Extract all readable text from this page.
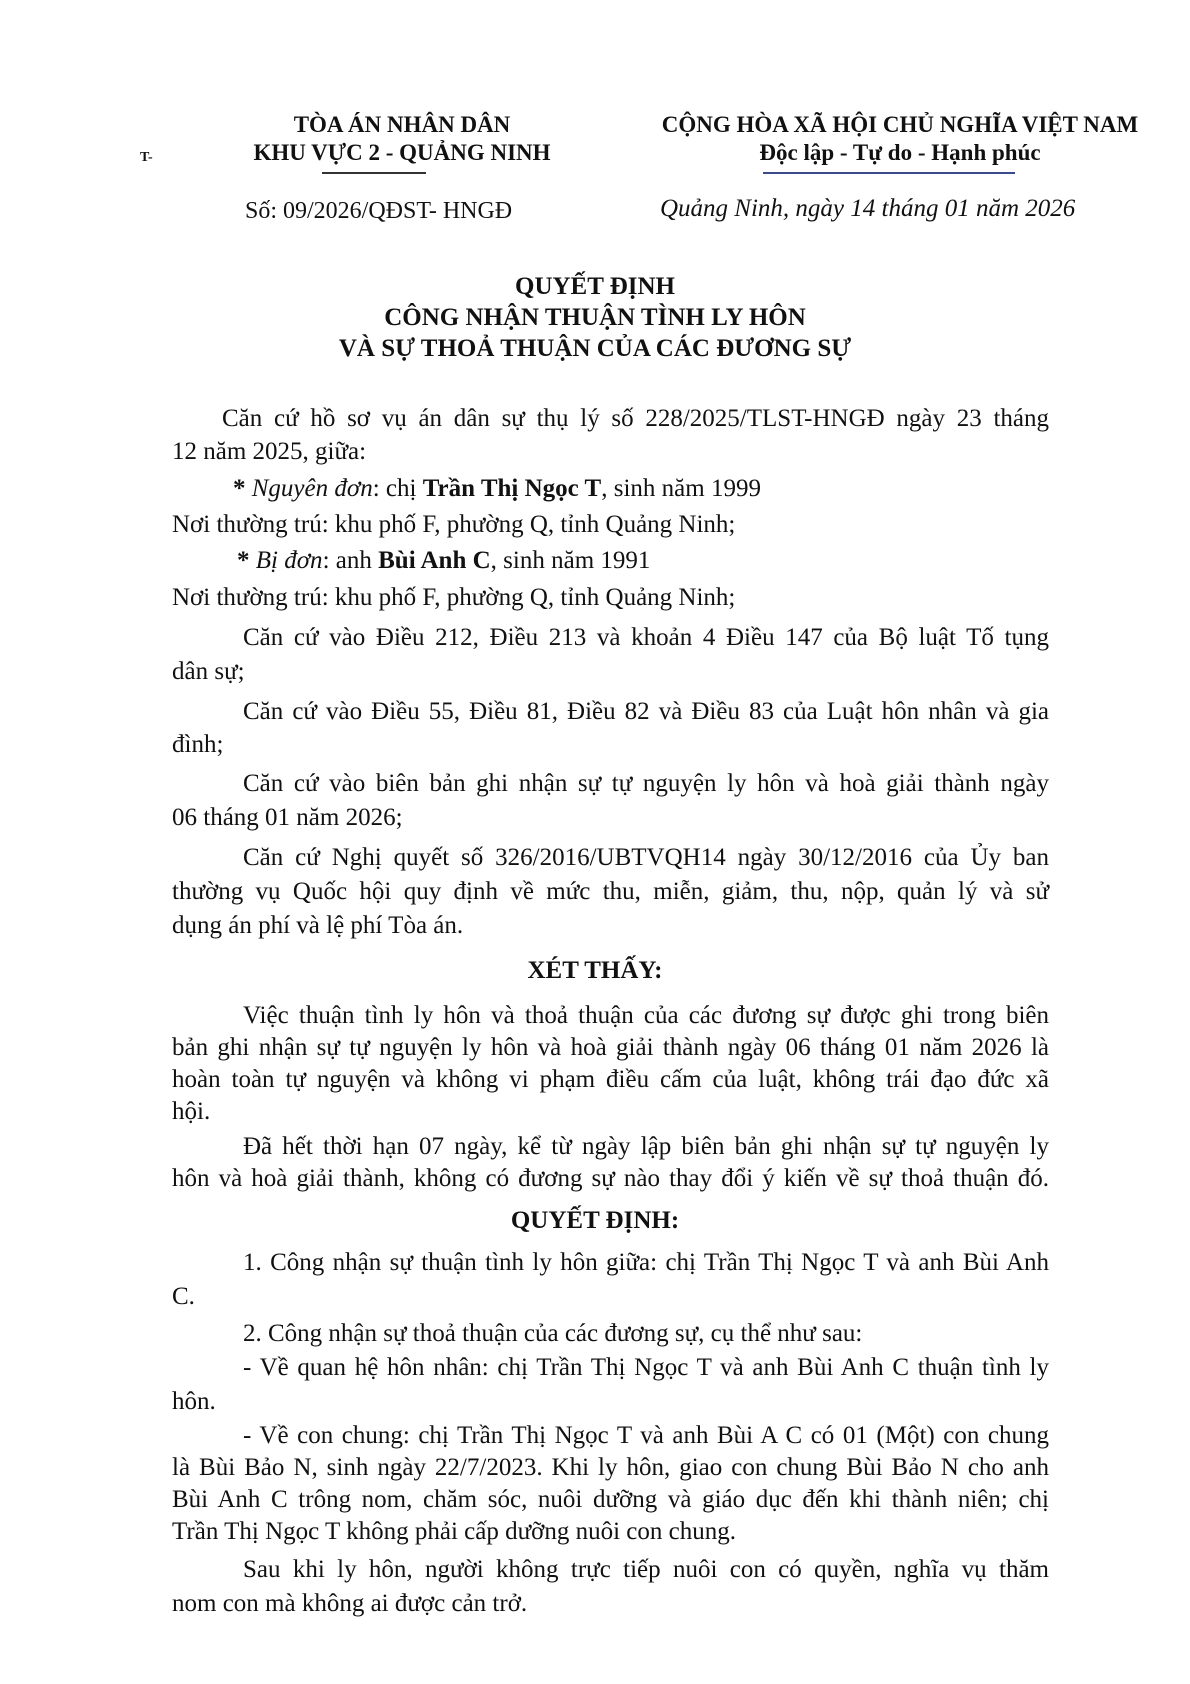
T-
TÒA ÁN NHÂN DÂN
KHU VỰC 2 - QUẢNG NINH
CỘNG HÒA XÃ HỘI CHỦ NGHĨA VIỆT NAM
Độc lập - Tự do - Hạnh phúc
Số: 09/2026/QĐST- HNGĐ	Quảng Ninh, ngày 14 tháng 01 năm 2026
QUYẾT ĐỊNH
CÔNG NHẬN THUẬN TÌNH LY HÔN
VÀ SỰ THOẢ THUẬN CỦA CÁC ĐƯƠNG SỰ
Căn cứ hồ sơ vụ án dân sự thụ lý số 228/2025/TLST-HNGĐ ngày 23 tháng
12 năm 2025, giữa:
* Nguyên đơn: chị Trần Thị Ngọc T, sinh năm 1999
Nơi thường trú: khu phố F, phường Q, tỉnh Quảng Ninh;
* Bị đơn: anh Bùi Anh C, sinh năm 1991
Nơi thường trú: khu phố F, phường Q, tỉnh Quảng Ninh;
Căn cứ vào Điều 212, Điều 213 và khoản 4 Điều 147 của Bộ luật Tố tụng
dân sự;
Căn cứ vào Điều 55, Điều 81, Điều 82 và Điều 83 của Luật hôn nhân và gia
đình;
Căn cứ vào biên bản ghi nhận sự tự nguyện ly hôn và hoà giải thành ngày
06 tháng 01 năm 2026;
Căn cứ Nghị quyết số 326/2016/UBTVQH14 ngày 30/12/2016 của Ủy ban
thường vụ Quốc hội quy định về mức thu, miễn, giảm, thu, nộp, quản lý và sử
dụng án phí và lệ phí Tòa án.
XÉT THẤY:
Việc thuận tình ly hôn và thoả thuận của các đương sự được ghi trong biên
bản ghi nhận sự tự nguyện ly hôn và hoà giải thành ngày 06 tháng 01 năm 2026 là
hoàn toàn tự nguyện và không vi phạm điều cấm của luật, không trái đạo đức xã
hội.
Đã hết thời hạn 07 ngày, kể từ ngày lập biên bản ghi nhận sự tự nguyện ly
hôn và hoà giải thành, không có đương sự nào thay đổi ý kiến về sự thoả thuận đó.
QUYẾT ĐỊNH:
1. Công nhận sự thuận tình ly hôn giữa: chị Trần Thị Ngọc T và anh Bùi Anh
C.
2. Công nhận sự thoả thuận của các đương sự, cụ thể như sau:
- Về quan hệ hôn nhân: chị Trần Thị Ngọc T và anh Bùi Anh C thuận tình ly
hôn.
- Về con chung: chị Trần Thị Ngọc T và anh Bùi A C có 01 (Một) con chung
là Bùi Bảo N, sinh ngày 22/7/2023. Khi ly hôn, giao con chung Bùi Bảo N cho anh
Bùi Anh C trông nom, chăm sóc, nuôi dưỡng và giáo dục đến khi thành niên; chị
Trần Thị Ngọc T không phải cấp dưỡng nuôi con chung.
Sau khi ly hôn, người không trực tiếp nuôi con có quyền, nghĩa vụ thăm
nom con mà không ai được cản trở.
